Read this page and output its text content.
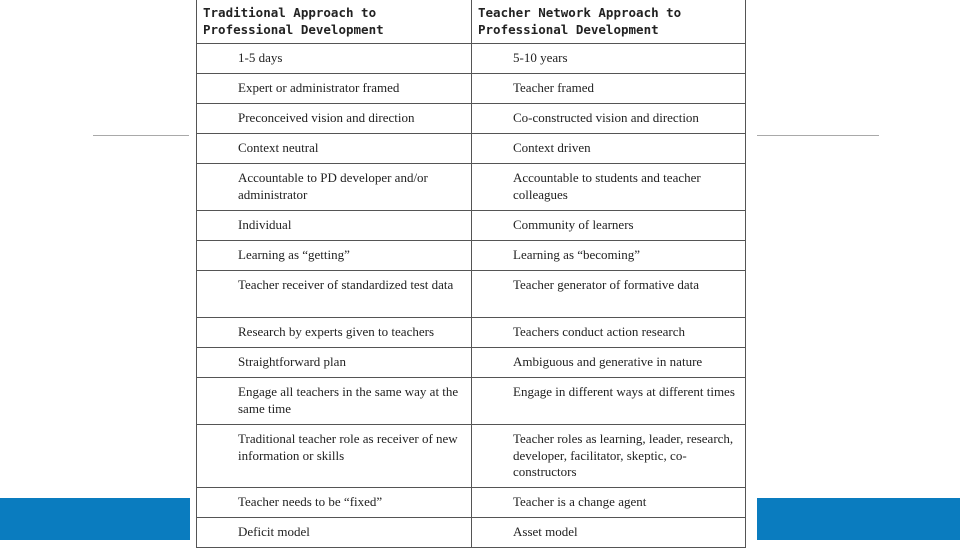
Traditional Approach to Professional Development	Teacher Network Approach to Professional Development

1-5 days	5-10 years

Expert or administrator framed	Teacher framed

Preconceived vision and direction	Co-constructed vision and direction

Context neutral	Context driven

Accountable to PD developer and/or administrator	Accountable to students and teacher colleagues

Individual	Community of learners

Learning as “getting”	Learning as “becoming”

Teacher receiver of standardized test data	Teacher generator of formative data

Research by experts given to teachers	Teachers conduct action research

Straightforward plan	Ambiguous and generative in nature

Engage all teachers in the same way at the same time	Engage in different ways at different times

Traditional teacher role as receiver of new information or skills	Teacher roles as learning, leader, research, developer, facilitator, skeptic, co-constructors

Teacher needs to be “fixed”	Teacher is a change agent

Deficit model	Asset model
